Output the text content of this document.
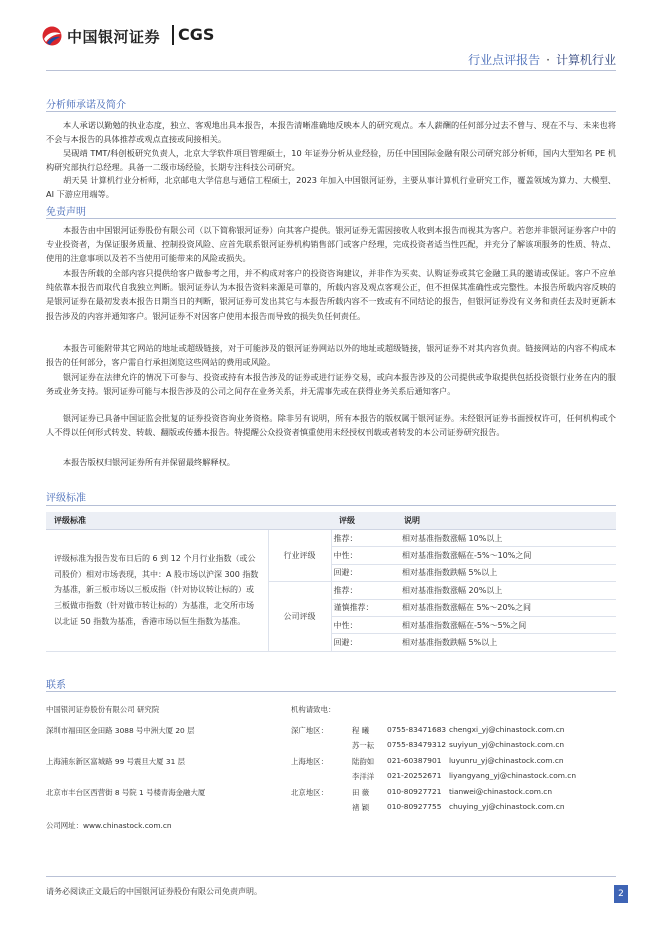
中国银河证券 CGS
行业点评报告 · 计算机行业
分析师承诺及简介

本人承诺以勤勉的执业态度，独立、客观地出具本报告，本报告清晰准确地反映本人的研究观点。本人薪酬的任何部分过去不曾与、现在不与、未来也将不会与本报告的具体推荐或观点直接或间接相关。

吴砚靖 TMT/科创板研究负责人，北京大学软件项目管理硕士，10 年证券分析从业经验，历任中国国际金融有限公司研究部分析师，国内大型知名 PE 机构研究部执行总经理。具备一二级市场经验，长期专注科技公司研究。

胡天昊 计算机行业分析师，北京邮电大学信息与通信工程硕士，2023 年加入中国银河证券，主要从事计算机行业研究工作，覆盖领域为算力、大模型、AI 下游应用端等。

免责声明

本报告由中国银河证券股份有限公司（以下简称银河证券）向其客户提供。银河证券无需因接收人收到本报告而视其为客户。若您并非银河证券客户中的专业投资者，为保证服务质量、控制投资风险、应首先联系银河证券机构销售部门或客户经理，完成投资者适当性匹配，并充分了解该项服务的性质、特点、使用的注意事项以及若不当使用可能带来的风险或损失。

本报告所载的全部内容只提供给客户做参考之用，并不构成对客户的投资咨询建议，并非作为买卖、认购证券或其它金融工具的邀请或保证。客户不应单纯依靠本报告而取代自我独立判断。银河证券认为本报告资料来源是可靠的，所载内容及观点客观公正，但不担保其准确性或完整性。本报告所载内容反映的是银河证券在最初发表本报告日期当日的判断，银河证券可发出其它与本报告所载内容不一致或有不同结论的报告，但银河证券没有义务和责任去及时更新本报告涉及的内容并通知客户。银河证券不对因客户使用本报告而导致的损失负任何责任。

本报告可能附带其它网站的地址或超级链接，对于可能涉及的银河证券网站以外的地址或超级链接，银河证券不对其内容负责。链接网站的内容不构成本报告的任何部分，客户需自行承担浏览这些网站的费用或风险。

银河证券在法律允许的情况下可参与、投资或持有本报告涉及的证券或进行证券交易，或向本报告涉及的公司提供或争取提供包括投资银行业务在内的服务或业务支持。银河证券可能与本报告涉及的公司之间存在业务关系，并无需事先或在获得业务关系后通知客户。

银河证券已具备中国证监会批复的证券投资咨询业务资格。除非另有说明，所有本报告的版权属于银河证券。未经银河证券书面授权许可，任何机构或个人不得以任何形式转发、转载、翻版或传播本报告。特提醒公众投资者慎重使用未经授权刊载或者转发的本公司证券研究报告。

本报告版权归银河证券所有并保留最终解释权。

评级标准
评级标准		评级	说明
评级标准为报告发布日后的 6 到 12 个月行业指数（或公司股价）相对市场表现，其中：A 股市场以沪深 300 指数为基准，新三板市场以三板成指（针对协议转让标的）或三板做市指数（针对做市转让标的）为基准，北交所市场以北证 50 指数为基准，香港市场以恒生指数为基准。	行业评级	推荐：	相对基准指数涨幅 10%以上
		中性：	相对基准指数涨幅在-5%～10%之间
		回避：	相对基准指数跌幅 5%以上
	公司评级	推荐：	相对基准指数涨幅 20%以上
		谨慎推荐：	相对基准指数涨幅在 5%～20%之间
		中性：	相对基准指数涨幅在-5%～5%之间
		回避：	相对基准指数跌幅 5%以上
联系
中国银河证券股份有限公司 研究院	机构请致电：
深圳市福田区金田路 3088 号中洲大厦 20 层
上海浦东新区富城路 99 号震旦大厦 31 层
北京市丰台区西营街 8 号院 1 号楼青海金融大厦
公司网址：www.chinastock.com.cn
深广地区：	程 曦 0755-83471683 chengxi_yj@chinastock.com.cn
苏一耘 0755-83479312 suyiyun_yj@chinastock.com.cn
上海地区：	陆韵如 021-60387901 luyunru_yj@chinastock.com.cn
李洋洋 021-20252671 liyangyang_yj@chinastock.com.cn
北京地区：	田 薇 010-80927721 tianwei@chinastock.com.cn
褚 颖 010-80927755 chuying_yj@chinastock.com.cn
请务必阅读正文最后的中国银河证券股份有限公司免责声明。	2
